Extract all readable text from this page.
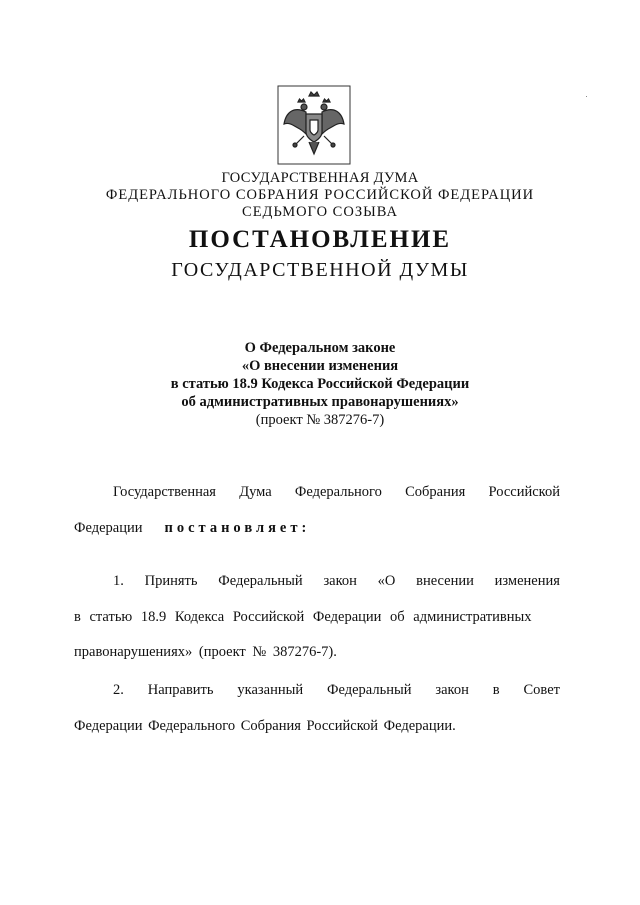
ГОСУДАРСТВЕННАЯ ДУМА
ФЕДЕРАЛЬНОГО СОБРАНИЯ РОССИЙСКОЙ ФЕДЕРАЦИИ
СЕДЬМОГО СОЗЫВА
ПОСТАНОВЛЕНИЕ
ГОСУДАРСТВЕННОЙ ДУМЫ
О Федеральном законе
«О внесении изменения
в статью 18.9 Кодекса Российской Федерации
об административных правонарушениях»
(проект № 387276-7)
Государственная Дума Федерального Собрания Российской
Федерации постановляет:
1. Принять Федеральный закон «О внесении изменения
в статью 18.9 Кодекса Российской Федерации об административных
правонарушениях» (проект № 387276-7).
2. Направить указанный Федеральный закон в Совет
Федерации Федерального Собрания Российской Федерации.
